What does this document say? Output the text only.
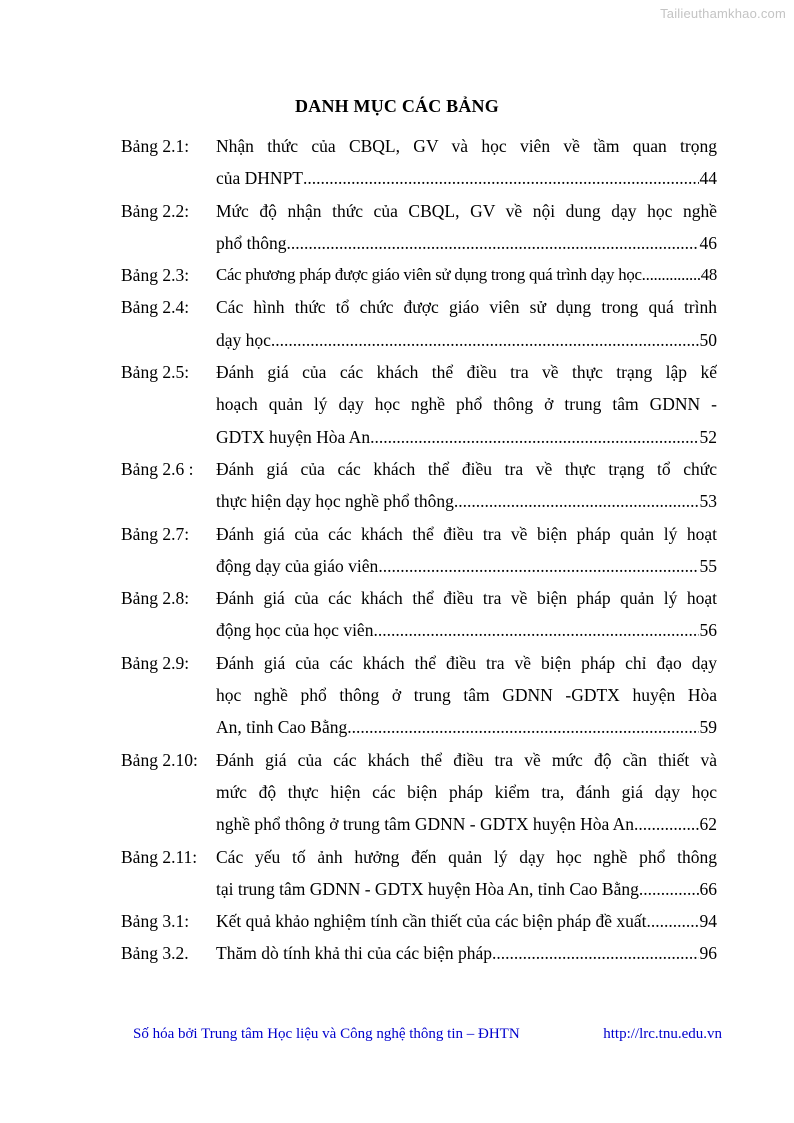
Tailieuthamkhao.com
DANH MỤC CÁC BẢNG
Bảng 2.1: Nhận thức của CBQL, GV và học viên về tầm quan trọng
của DHNPT .....	44
Bảng 2.2: Mức độ nhận thức của CBQL, GV về nội dung dạy học nghề
phổ thông .....	46
Bảng 2.3: Các phương pháp được giáo viên sử dụng trong quá trình dạy học .....	48
Bảng 2.4: Các hình thức tổ chức được giáo viên sử dụng trong quá trình
dạy học .....	50
Bảng 2.5: Đánh giá của các khách thể điều tra về thực trạng lập kế
hoạch quản lý dạy học nghề phổ thông ở trung tâm GDNN -
GDTX huyện Hòa An .....	52
Bảng 2.6 : Đánh giá của các khách thể điều tra về thực trạng tổ chức
thực hiện dạy học nghề phổ thông .....	53
Bảng 2.7: Đánh giá của các khách thể điều tra về biện pháp quản lý hoạt
động dạy của giáo viên .....	55
Bảng 2.8: Đánh giá của các khách thể điều tra về biện pháp quản lý hoạt
động học của học viên .....	56
Bảng 2.9: Đánh giá của các khách thể điều tra về biện pháp chỉ đạo dạy
học nghề phổ thông ở trung tâm GDNN -GDTX huyện Hòa
An, tỉnh Cao Bằng .....	59
Bảng 2.10: Đánh giá của các khách thể điều tra về mức độ cần thiết và
mức độ thực hiện các biện pháp kiểm tra, đánh giá dạy học
nghề phổ thông ở trung tâm GDNN - GDTX huyện Hòa An .....	62
Bảng 2.11: Các yếu tố ảnh hưởng đến quản lý dạy học nghề phổ thông
tại trung tâm GDNN - GDTX huyện Hòa An, tỉnh Cao Bằng .....	66
Bảng 3.1: Kết quả khảo nghiệm tính cần thiết của các biện pháp đề xuất .....	94
Bảng 3.2. Thăm dò tính khả thi của các biện pháp .....	96
Số hóa bởi Trung tâm Học liệu và Công nghệ thông tin – ĐHTN	http://lrc.tnu.edu.vn
